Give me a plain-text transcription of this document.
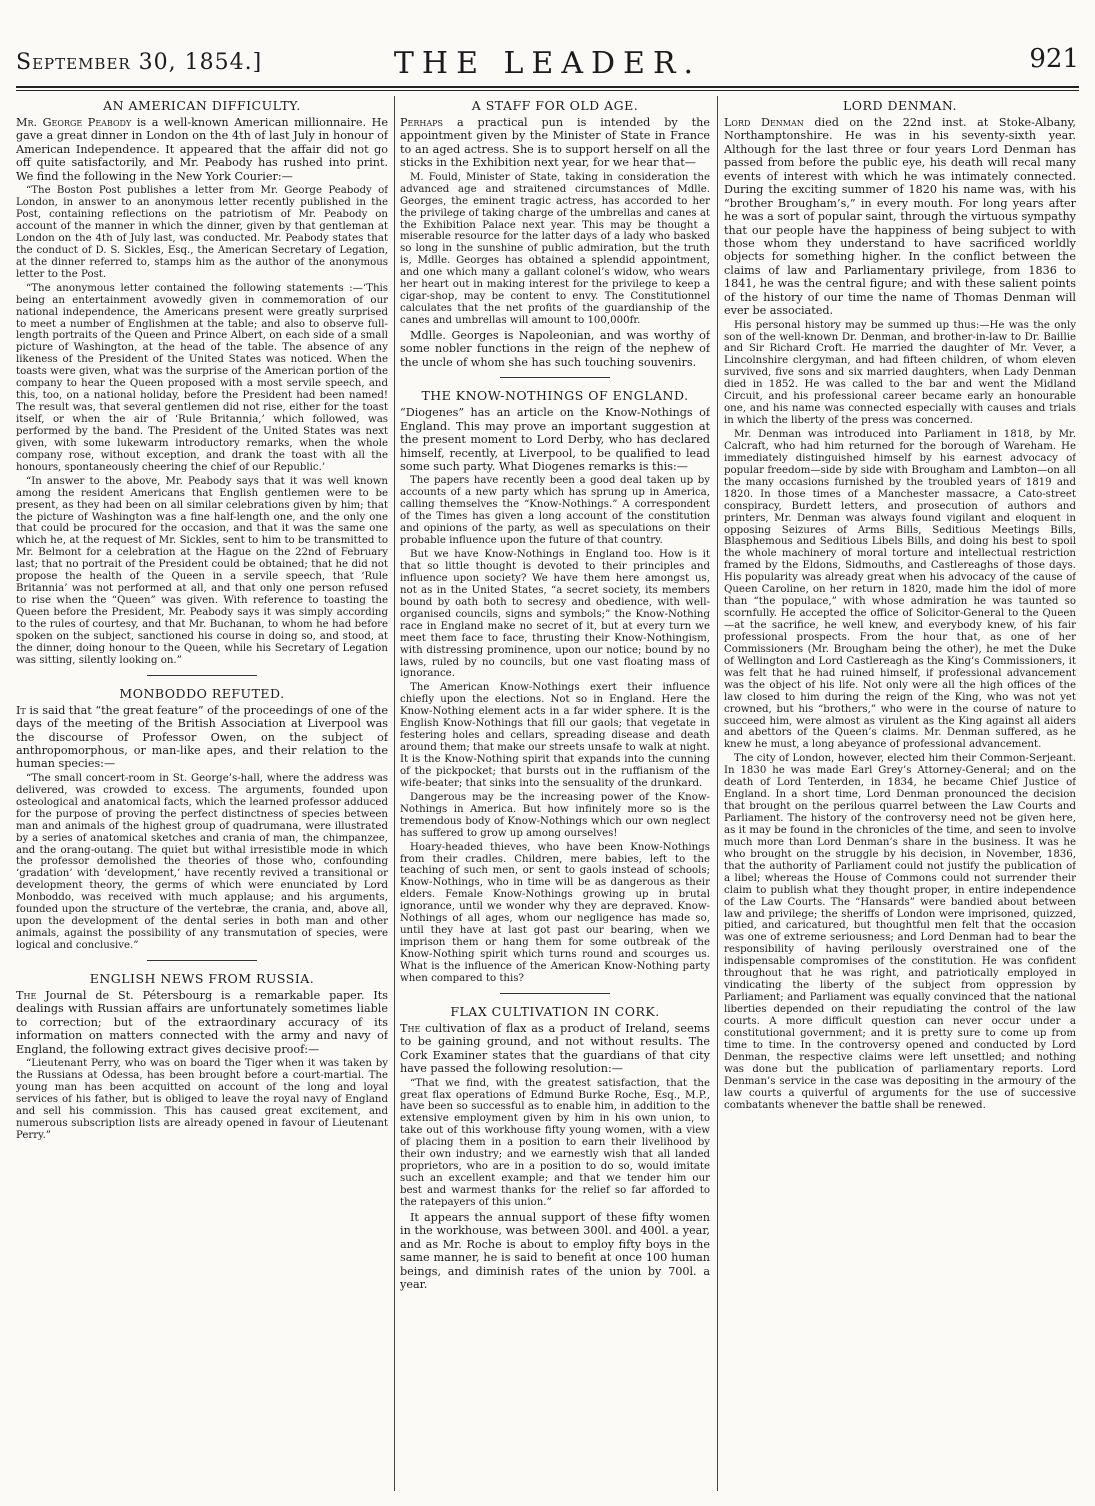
September 30, 1854.]	THE LEADER.	921
AN AMERICAN DIFFICULTY.

Mr. George Peabody is a well-known American millionnaire. He gave a great dinner in London on the 4th of last July in honour of American Independence. It appeared that the affair did not go off quite satisfactorily, and Mr. Peabody has rushed into print. We find the following in the New York Courier:—

“The Boston Post publishes a letter from Mr. George Peabody of London, in answer to an anonymous letter recently published in the Post, containing reflections on the patriotism of Mr. Peabody on account of the manner in which the dinner, given by that gentleman at London on the 4th of July last, was conducted. Mr. Peabody states that the conduct of D. S. Sickles, Esq., the American Secretary of Legation, at the dinner referred to, stamps him as the author of the anonymous letter to the Post.

“The anonymous letter contained the following statements :—‘This being an entertainment avowedly given in commemoration of our national independence, the Americans present were greatly surprised to meet a number of Englishmen at the table; and also to observe full-length portraits of the Queen and Prince Albert, on each side of a small picture of Washington, at the head of the table. The absence of any likeness of the President of the United States was noticed. When the toasts were given, what was the surprise of the American portion of the company to hear the Queen proposed with a most servile speech, and this, too, on a national holiday, before the President had been named! The result was, that several gentlemen did not rise, either for the toast itself, or when the air of ‘Rule Britannia,’ which followed, was performed by the band. The President of the United States was next given, with some lukewarm introductory remarks, when the whole company rose, without exception, and drank the toast with all the honours, spontaneously cheering the chief of our Republic.’

“In answer to the above, Mr. Peabody says that it was well known among the resident Americans that English gentlemen were to be present, as they had been on all similar celebrations given by him; that the picture of Washington was a fine half-length one, and the only one that could be procured for the occasion, and that it was the same one which he, at the request of Mr. Sickles, sent to him to be transmitted to Mr. Belmont for a celebration at the Hague on the 22nd of February last; that no portrait of the President could be obtained; that he did not propose the health of the Queen in a servile speech, that ‘Rule Britannia’ was not performed at all, and that only one person refused to rise when the “Queen” was given. With reference to toasting the Queen before the President, Mr. Peabody says it was simply according to the rules of courtesy, and that Mr. Buchanan, to whom he had before spoken on the subject, sanctioned his course in doing so, and stood, at the dinner, doing honour to the Queen, while his Secretary of Legation was sitting, silently looking on.”

MONBODDO REFUTED.

It is said that “the great feature” of the proceedings of one of the days of the meeting of the British Association at Liverpool was the discourse of Professor Owen, on the subject of anthropomorphous, or man-like apes, and their relation to the human species:—

“The small concert-room in St. George’s-hall, where the address was delivered, was crowded to excess. The arguments, founded upon osteological and anatomical facts, which the learned professor adduced for the purpose of proving the perfect distinctness of species between man and animals of the highest group of quadrumana, were illustrated by a series of anatomical sketches and crania of man, the chimpanzee, and the orang-outang. The quiet but withal irresistible mode in which the professor demolished the theories of those who, confounding ‘gradation’ with ‘development,’ have recently revived a transitional or development theory, the germs of which were enunciated by Lord Monboddo, was received with much applause; and his arguments, founded upon the structure of the vertebræ, the crania, and, above all, upon the development of the dental series in both man and other animals, against the possibility of any transmutation of species, were logical and conclusive.”

ENGLISH NEWS FROM RUSSIA.

The Journal de St. Pétersbourg is a remarkable paper. Its dealings with Russian affairs are unfortunately sometimes liable to correction; but of the extraordinary accuracy of its information on matters connected with the army and navy of England, the following extract gives decisive proof:—

“Lieutenant Perry, who was on board the Tiger when it was taken by the Russians at Odessa, has been brought before a court-martial. The young man has been acquitted on account of the long and loyal services of his father, but is obliged to leave the royal navy of England and sell his commission. This has caused great excitement, and numerous subscription lists are already opened in favour of Lieutenant Perry.”

A STAFF FOR OLD AGE.

Perhaps a practical pun is intended by the appointment given by the Minister of State in France to an aged actress. She is to support herself on all the sticks in the Exhibition next year, for we hear that—

M. Fould, Minister of State, taking in consideration the advanced age and straitened circumstances of Mdlle. Georges, the eminent tragic actress, has accorded to her the privilege of taking charge of the umbrellas and canes at the Exhibition Palace next year. This may be thought a miserable resource for the latter days of a lady who basked so long in the sunshine of public admiration, but the truth is, Mdlle. Georges has obtained a splendid appointment, and one which many a gallant colonel’s widow, who wears her heart out in making interest for the privilege to keep a cigar-shop, may be content to envy. The Constitutionnel calculates that the net profits of the guardianship of the canes and umbrellas will amount to 100,000fr.

Mdlle. Georges is Napoleonian, and was worthy of some nobler functions in the reign of the nephew of the uncle of whom she has such touching souvenirs.

THE KNOW-NOTHINGS OF ENGLAND.

“Diogenes” has an article on the Know-Nothings of England. This may prove an important suggestion at the present moment to Lord Derby, who has declared himself, recently, at Liverpool, to be qualified to lead some such party. What Diogenes remarks is this:—

The papers have recently been a good deal taken up by accounts of a new party which has sprung up in America, calling themselves the “Know-Nothings.” A correspondent of the Times has given a long account of the constitution and opinions of the party, as well as speculations on their probable influence upon the future of that country.

But we have Know-Nothings in England too. How is it that so little thought is devoted to their principles and influence upon society? We have them here amongst us, not as in the United States, “a secret society, its members bound by oath both to secresy and obedience, with well-organised councils, signs and symbols;” the Know-Nothing race in England make no secret of it, but at every turn we meet them face to face, thrusting their Know-Nothingism, with distressing prominence, upon our notice; bound by no laws, ruled by no councils, but one vast floating mass of ignorance.

The American Know-Nothings exert their influence chiefly upon the elections. Not so in England. Here the Know-Nothing element acts in a far wider sphere. It is the English Know-Nothings that fill our gaols; that vegetate in festering holes and cellars, spreading disease and death around them; that make our streets unsafe to walk at night. It is the Know-Nothing spirit that expands into the cunning of the pickpocket; that bursts out in the ruffianism of the wife-beater; that sinks into the sensuality of the drunkard.

Dangerous may be the increasing power of the Know-Nothings in America. But how infinitely more so is the tremendous body of Know-Nothings which our own neglect has suffered to grow up among ourselves!

Hoary-headed thieves, who have been Know-Nothings from their cradles. Children, mere babies, left to the teaching of such men, or sent to gaols instead of schools; Know-Nothings, who in time will be as dangerous as their elders. Female Know-Nothings growing up in brutal ignorance, until we wonder why they are depraved. Know-Nothings of all ages, whom our negligence has made so, until they have at last got past our bearing, when we imprison them or hang them for some outbreak of the Know-Nothing spirit which turns round and scourges us. What is the influence of the American Know-Nothing party when compared to this?

FLAX CULTIVATION IN CORK.

The cultivation of flax as a product of Ireland, seems to be gaining ground, and not without results. The Cork Examiner states that the guardians of that city have passed the following resolution:—

“That we find, with the greatest satisfaction, that the great flax operations of Edmund Burke Roche, Esq., M.P., have been so successful as to enable him, in addition to the extensive employment given by him in his own union, to take out of this workhouse fifty young women, with a view of placing them in a position to earn their livelihood by their own industry; and we earnestly wish that all landed proprietors, who are in a position to do so, would imitate such an excellent example; and that we tender him our best and warmest thanks for the relief so far afforded to the ratepayers of this union.”

It appears the annual support of these fifty women in the workhouse, was between 300l. and 400l. a year, and as Mr. Roche is about to employ fifty boys in the same manner, he is said to benefit at once 100 human beings, and diminish rates of the union by 700l. a year.

LORD DENMAN.

Lord Denman died on the 22nd inst. at Stoke-Albany, Northamptonshire. He was in his seventy-sixth year. Although for the last three or four years Lord Denman has passed from before the public eye, his death will recal many events of interest with which he was intimately connected. During the exciting summer of 1820 his name was, with his “brother Brougham’s,” in every mouth. For long years after he was a sort of popular saint, through the virtuous sympathy that our people have the happiness of being subject to with those whom they understand to have sacrificed worldly objects for something higher. In the conflict between the claims of law and Parliamentary privilege, from 1836 to 1841, he was the central figure; and with these salient points of the history of our time the name of Thomas Denman will ever be associated.

His personal history may be summed up thus:—He was the only son of the well-known Dr. Denman, and brother-in-law to Dr. Baillie and Sir Richard Croft. He married the daughter of Mr. Vever, a Lincolnshire clergyman, and had fifteen children, of whom eleven survived, five sons and six married daughters, when Lady Denman died in 1852. He was called to the bar and went the Midland Circuit, and his professional career became early an honourable one, and his name was connected especially with causes and trials in which the liberty of the press was concerned.

Mr. Denman was introduced into Parliament in 1818, by Mr. Calcraft, who had him returned for the borough of Wareham. He immediately distinguished himself by his earnest advocacy of popular freedom—side by side with Brougham and Lambton—on all the many occasions furnished by the troubled years of 1819 and 1820. In those times of a Manchester massacre, a Cato-street conspiracy, Burdett letters, and prosecution of authors and printers, Mr. Denman was always found vigilant and eloquent in opposing Seizures of Arms Bills, Seditious Meetings Bills, Blasphemous and Seditious Libels Bills, and doing his best to spoil the whole machinery of moral torture and intellectual restriction framed by the Eldons, Sidmouths, and Castlereaghs of those days. His popularity was already great when his advocacy of the cause of Queen Caroline, on her return in 1820, made him the idol of more than “the populace,” with whose admiration he was taunted so scornfully. He accepted the office of Solicitor-General to the Queen—at the sacrifice, he well knew, and everybody knew, of his fair professional prospects. From the hour that, as one of her Commissioners (Mr. Brougham being the other), he met the Duke of Wellington and Lord Castlereagh as the King’s Commissioners, it was felt that he had ruined himself, if professional advancement was the object of his life. Not only were all the high offices of the law closed to him during the reign of the King, who was not yet crowned, but his “brothers,” who were in the course of nature to succeed him, were almost as virulent as the King against all aiders and abettors of the Queen’s claims. Mr. Denman suffered, as he knew he must, a long abeyance of professional advancement.

The city of London, however, elected him their Common-Serjeant. In 1830 he was made Earl Grey’s Attorney-General; and on the death of Lord Tenterden, in 1834, he became Chief Justice of England. In a short time, Lord Denman pronounced the decision that brought on the perilous quarrel between the Law Courts and Parliament. The history of the controversy need not be given here, as it may be found in the chronicles of the time, and seen to involve much more than Lord Denman’s share in the business. It was he who brought on the struggle by his decision, in November, 1836, that the authority of Parliament could not justify the publication of a libel; whereas the House of Commons could not surrender their claim to publish what they thought proper, in entire independence of the Law Courts. The “Hansards” were bandied about between law and privilege; the sheriffs of London were imprisoned, quizzed, pitied, and caricatured, but thoughtful men felt that the occasion was one of extreme seriousness; and Lord Denman had to bear the responsibility of having perilously overstrained one of the indispensable compromises of the constitution. He was confident throughout that he was right, and patriotically employed in vindicating the liberty of the subject from oppression by Parliament; and Parliament was equally convinced that the national liberties depended on their repudiating the control of the law courts. A more difficult question can never occur under a constitutional government; and it is pretty sure to come up from time to time. In the controversy opened and conducted by Lord Denman, the respective claims were left unsettled; and nothing was done but the publication of parliamentary reports. Lord Denman’s service in the case was depositing in the armoury of the law courts a quiverful of arguments for the use of successive combatants whenever the battle shall be renewed.
